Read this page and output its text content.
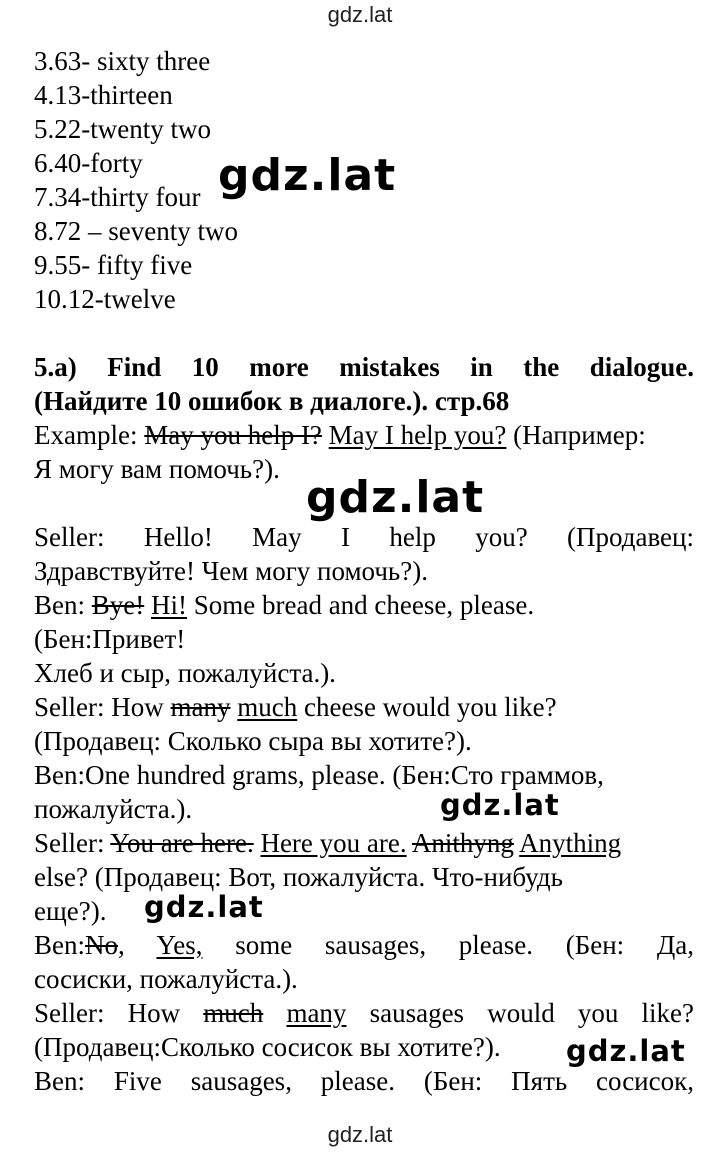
gdz.lat
3.63- sixty three
4.13-thirteen
5.22-twenty two
6.40-forty
7.34-thirty four
8.72 – seventy two
9.55- fifty five
10.12-twelve
5.a) Find 10 more mistakes in the dialogue.
(Найдите 10 ошибок в диалоге.). стр.68
Example: May you help I? May I help you? (Например:
Я могу вам помочь?).
Seller: Hello! May I help you? (Продавец:
Здравствуйте! Чем могу помочь?).
Ben: Bye! Hi! Some bread and cheese, please.
(Бен:Привет!
Хлеб и сыр, пожалуйста.).
Seller: How many much cheese would you like?
(Продавец: Сколько сыра вы хотите?).
Ben:One hundred grams, please. (Бен:Сто граммов,
пожалуйста.).
Seller: You are here. Here you are. Anithyng Anything
else? (Продавец: Вот, пожалуйста. Что-нибудь
еще?).
Ben:No, Yes, some sausages, please. (Бен: Да,
сосиски, пожалуйста.).
Seller: How much many sausages would you like?
(Продавец:Сколько сосисок вы хотите?).
Ben: Five sausages, please. (Бен: Пять сосисок,
gdz.lat
gdz.lat
gdz.lat
gdz.lat
gdz.lat
gdz.lat
